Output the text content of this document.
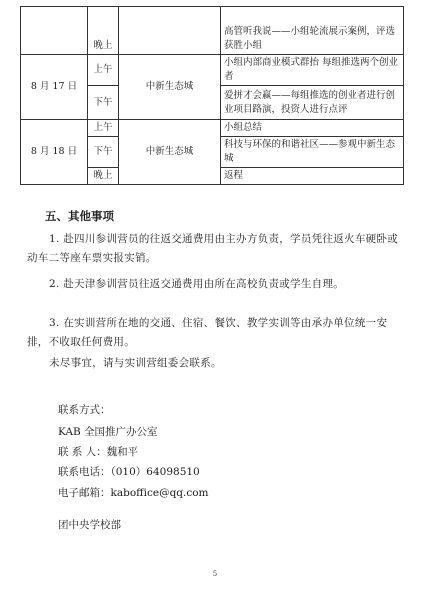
	晚上		高管听我说——小组轮流展示案例，评选获胜小组
8 月 17 日	上午	中新生态城	小组内部商业模式群抬 每组推选两个创业者
	下午		爱拼才会赢——每组推选的创业者进行创业项目路演，投资人进行点评
8 月 18 日	上午	中新生态城	小组总结
	下午		科技与环保的和谐社区——参观中新生态城
	晚上		返程
五、其他事项
1. 赴四川参训营员的往返交通费用由主办方负责，学员凭往返火车硬卧或动车二等座车票实报实销。
2. 赴天津参训营员往返交通费用由所在高校负责或学生自理。
3. 在实训营所在地的交通、住宿、餐饮、教学实训等由承办单位统一安排，不收取任何费用。
未尽事宜，请与实训营组委会联系。
联系方式：
KAB 全国推广办公室
联 系 人：魏和平
联系电话：（010）64098510
电子邮箱：kaboffice@qq.com
团中央学校部
5
